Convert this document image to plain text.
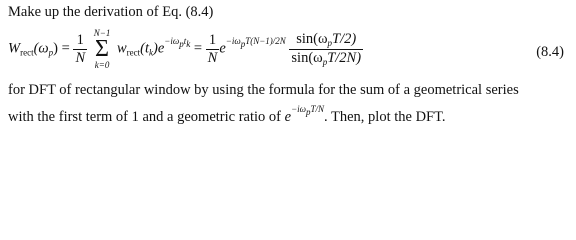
Make up the derivation of Eq. (8.4)
$W_{rect}(\omega_p) = \frac{1}{N}$

N−1
Σ
k=0
$w_{rect}(t_k)e^{-i\omega ptk} = \frac{1}{N} e^{-i\omega pT(N-1)/2N} \frac{\sin(\omega_pT/2)}{\sin(\omega_pT/2N)}$	(8.4)
for DFT of rectangular window by using the formula for the sum of a geometrical series
with the first term of 1 and a geometric ratio of $e^{-i\omega pT/N}$. Then, plot the DFT.
